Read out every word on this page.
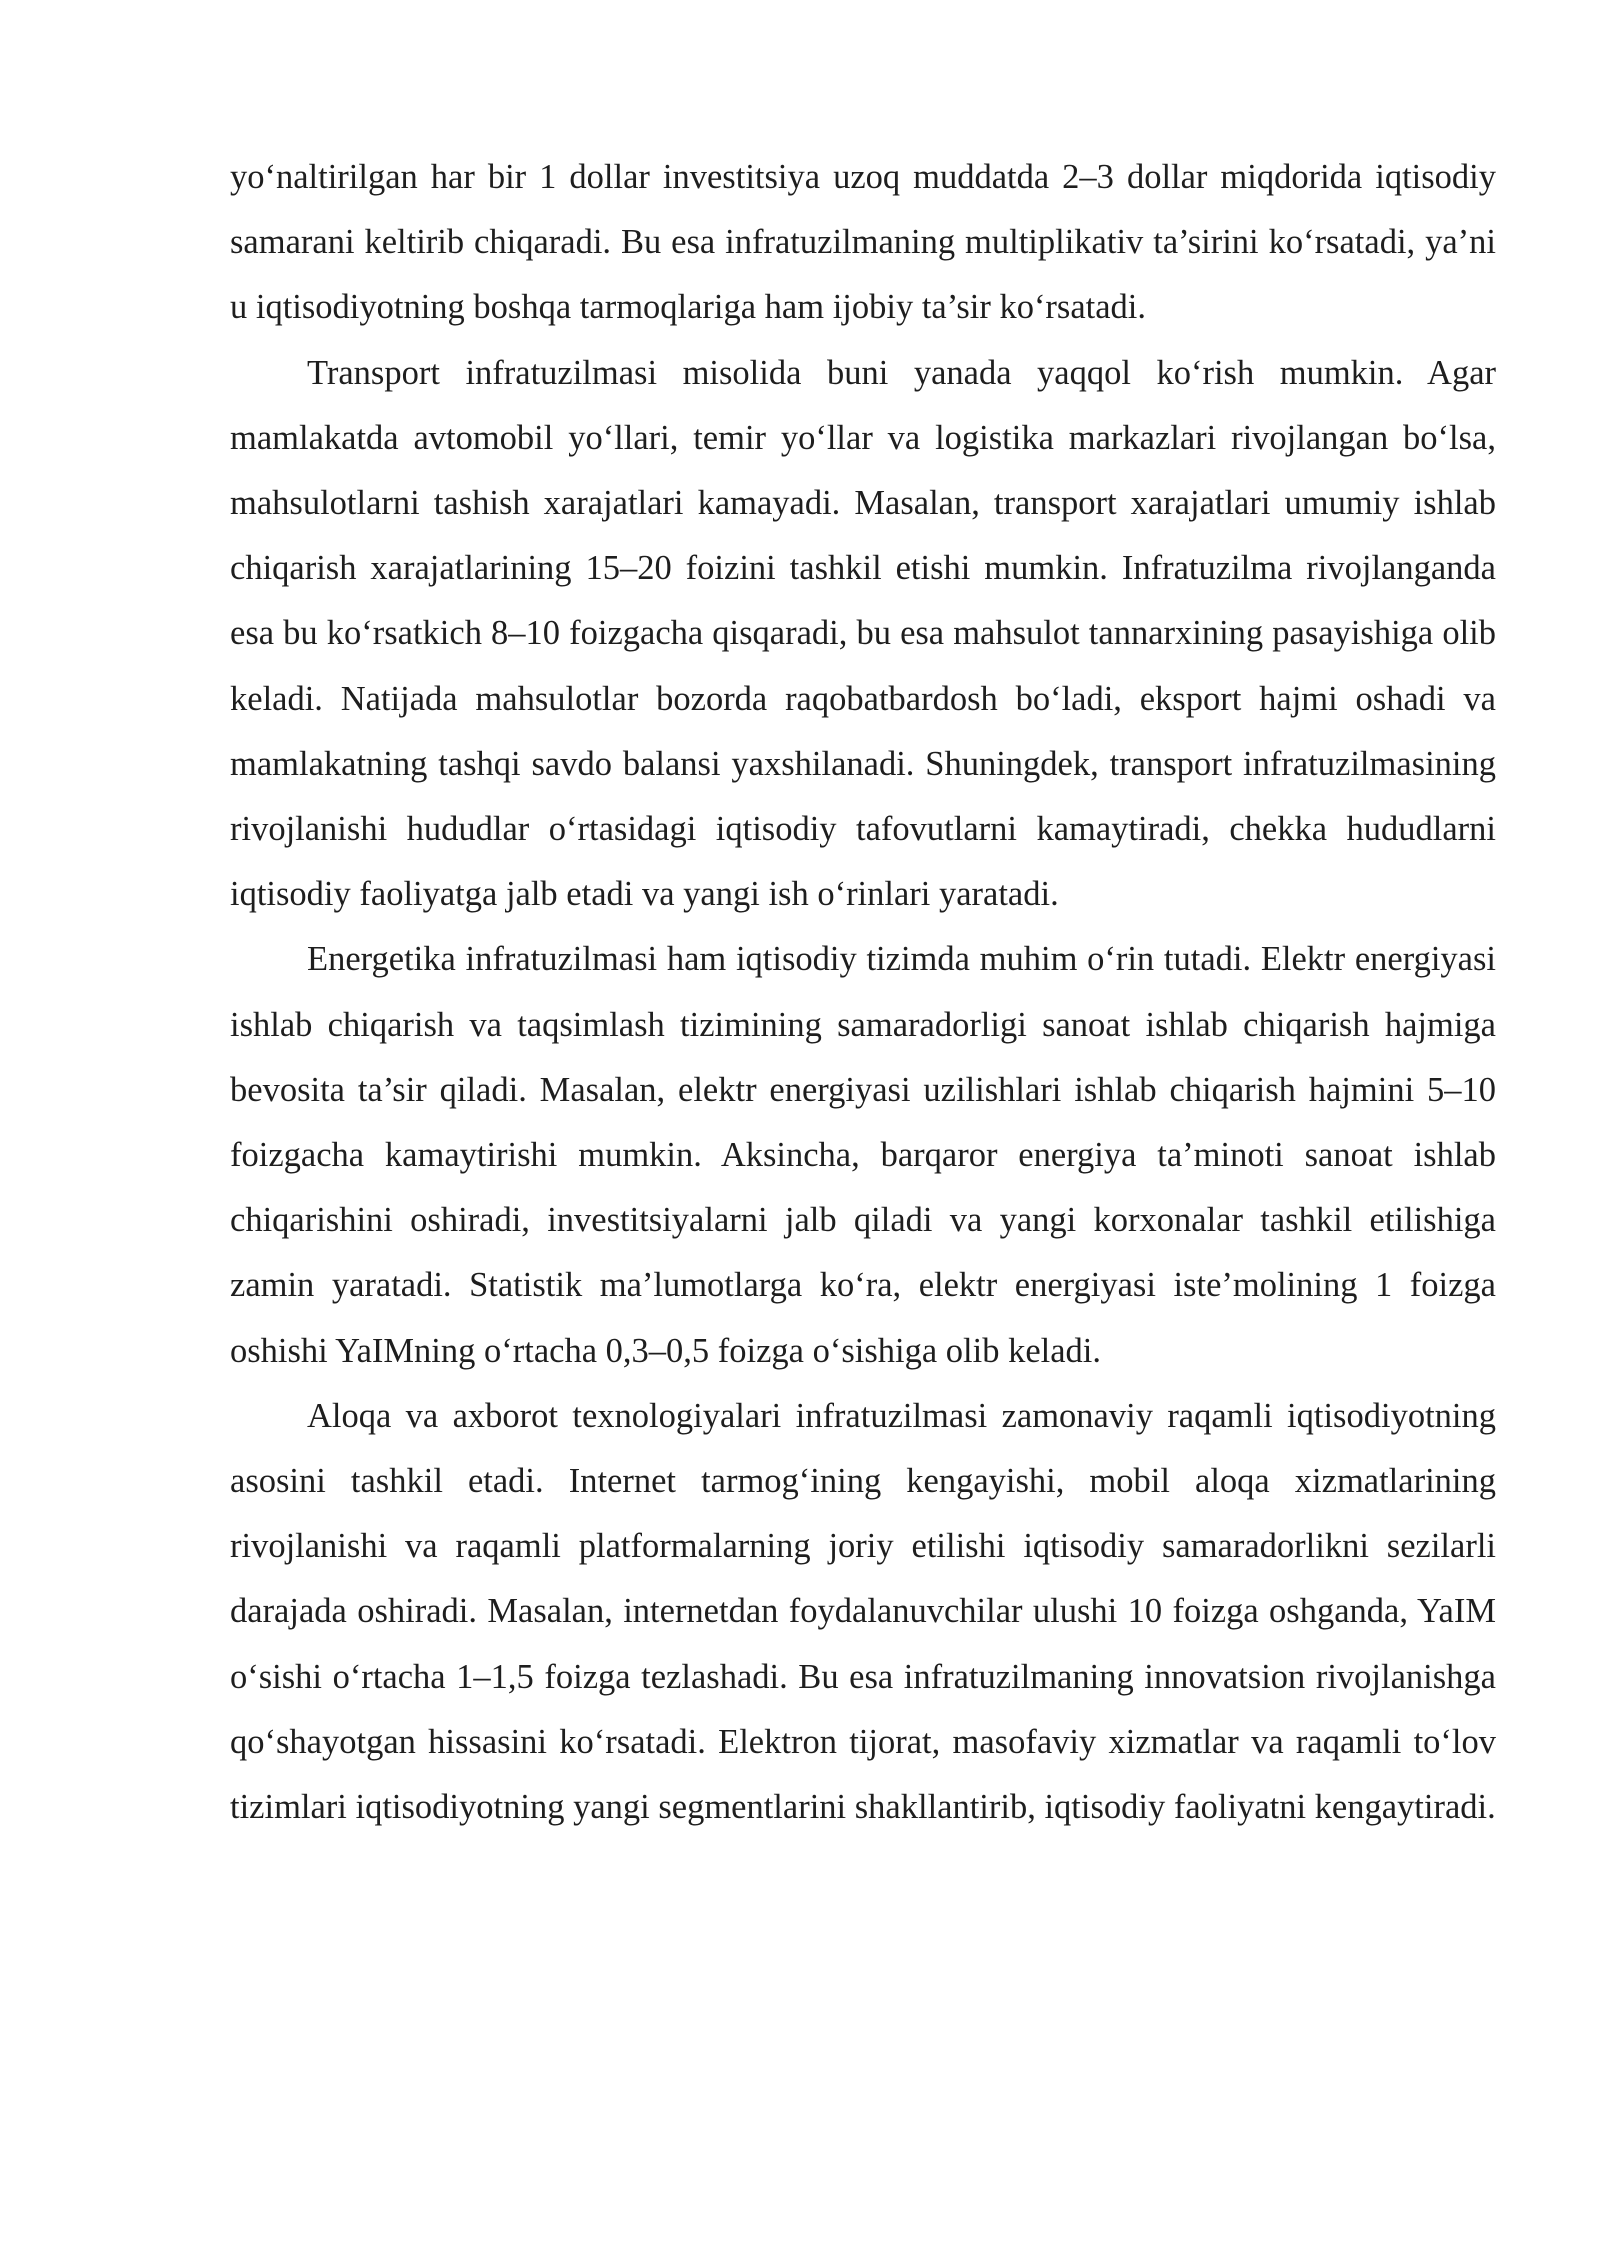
yo‘naltirilgan har bir 1 dollar investitsiya uzoq muddatda 2–3 dollar miqdorida iqtisodiy samarani keltirib chiqaradi. Bu esa infratuzilmaning multiplikativ ta’sirini ko‘rsatadi, ya’ni u iqtisodiyotning boshqa tarmoqlariga ham ijobiy ta’sir ko‘rsatadi.

Transport infratuzilmasi misolida buni yanada yaqqol ko‘rish mumkin. Agar mamlakatda avtomobil yo‘llari, temir yo‘llar va logistika markazlari rivojlangan bo‘lsa, mahsulotlarni tashish xarajatlari kamayadi. Masalan, transport xarajatlari umumiy ishlab chiqarish xarajatlarining 15–20 foizini tashkil etishi mumkin. Infratuzilma rivojlanganda esa bu ko‘rsatkich 8–10 foizgacha qisqaradi, bu esa mahsulot tannarxining pasayishiga olib keladi. Natijada mahsulotlar bozorda raqobatbardosh bo‘ladi, eksport hajmi oshadi va mamlakatning tashqi savdo balansi yaxshilanadi. Shuningdek, transport infratuzilmasining rivojlanishi hududlar o‘rtasidagi iqtisodiy tafovutlarni kamaytiradi, chekka hududlarni iqtisodiy faoliyatga jalb etadi va yangi ish o‘rinlari yaratadi.

Energetika infratuzilmasi ham iqtisodiy tizimda muhim o‘rin tutadi. Elektr energiyasi ishlab chiqarish va taqsimlash tizimining samaradorligi sanoat ishlab chiqarish hajmiga bevosita ta’sir qiladi. Masalan, elektr energiyasi uzilishlari ishlab chiqarish hajmini 5–10 foizgacha kamaytirishi mumkin. Aksincha, barqaror energiya ta’minoti sanoat ishlab chiqarishini oshiradi, investitsiyalarni jalb qiladi va yangi korxonalar tashkil etilishiga zamin yaratadi. Statistik ma’lumotlarga ko‘ra, elektr energiyasi iste’molining 1 foizga oshishi YaIMning o‘rtacha 0,3–0,5 foizga o‘sishiga olib keladi.

Aloqa va axborot texnologiyalari infratuzilmasi zamonaviy raqamli iqtisodiyotning asosini tashkil etadi. Internet tarmog‘ining kengayishi, mobil aloqa xizmatlarining rivojlanishi va raqamli platformalarning joriy etilishi iqtisodiy samaradorlikni sezilarli darajada oshiradi. Masalan, internetdan foydalanuvchilar ulushi 10 foizga oshganda, YaIM o‘sishi o‘rtacha 1–1,5 foizga tezlashadi. Bu esa infratuzilmaning innovatsion rivojlanishga qo‘shayotgan hissasini ko‘rsatadi. Elektron tijorat, masofaviy xizmatlar va raqamli to‘lov tizimlari iqtisodiyotning yangi segmentlarini shakllantirib, iqtisodiy faoliyatni kengaytiradi.
